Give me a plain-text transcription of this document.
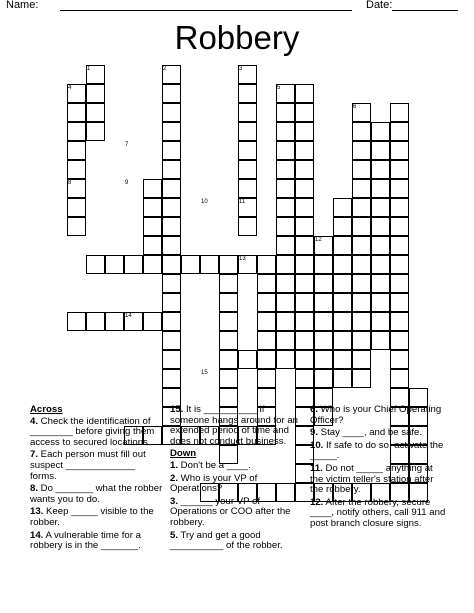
Name:	Date:
Robbery
1	2	3
4	5
6
7
8	9
10	11
12
13
14
15
Across
4. Check the identification of ________ before giving them access to secured locations.
7. Each person must fill out suspect _____________ forms.
8. Do _______ what the robber wants you to do.
13. Keep _____ visible to the robber.
14. A vulnerable time for a robbery is in the _______.
15. It is __________ if someone hangs around for an extended period of time and does not conduct business.
Down
1. Don't be a ____.
2. Who is your VP of Operations?
3. ______ your VP of Operations or COO after the robbery.
5. Try and get a good __________ of the robber.
6. Who is your Chief Operating Officer?
9. Stay ____, and be safe.
10. If safe to do so, activate the _____.
11. Do not _____ anything at the victim teller's station after the robbery.
12. After the robbery, secure ____, notify others, call 911 and post branch closure signs.
